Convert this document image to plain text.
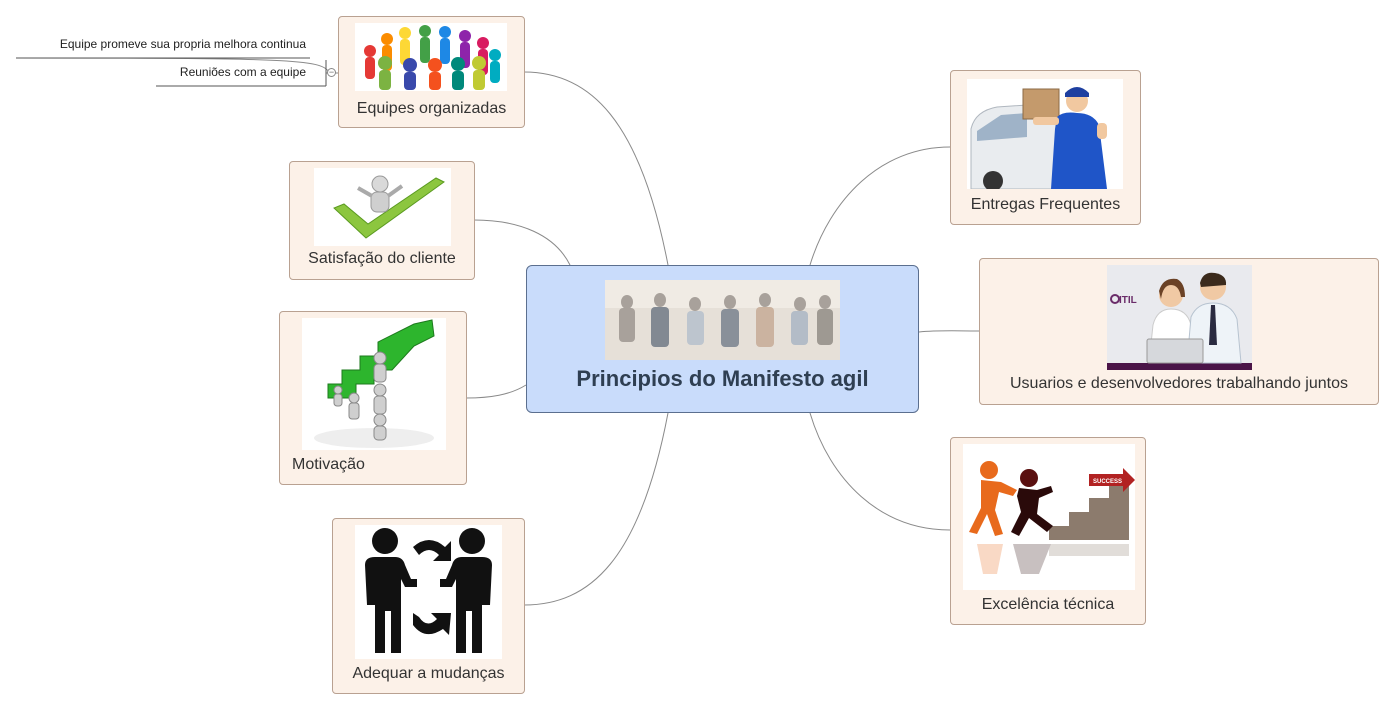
Principios do Manifesto agil
Equipes organizadas
Equipe promeve sua propria melhora continua
Reuniões com a equipe	−
Satisfação do cliente
Motivação
Adequar a mudanças
Entregas Frequentes
ITIL
Usuarios e desenvolvedores trabalhando juntos
SUCCESS
Excelência técnica
